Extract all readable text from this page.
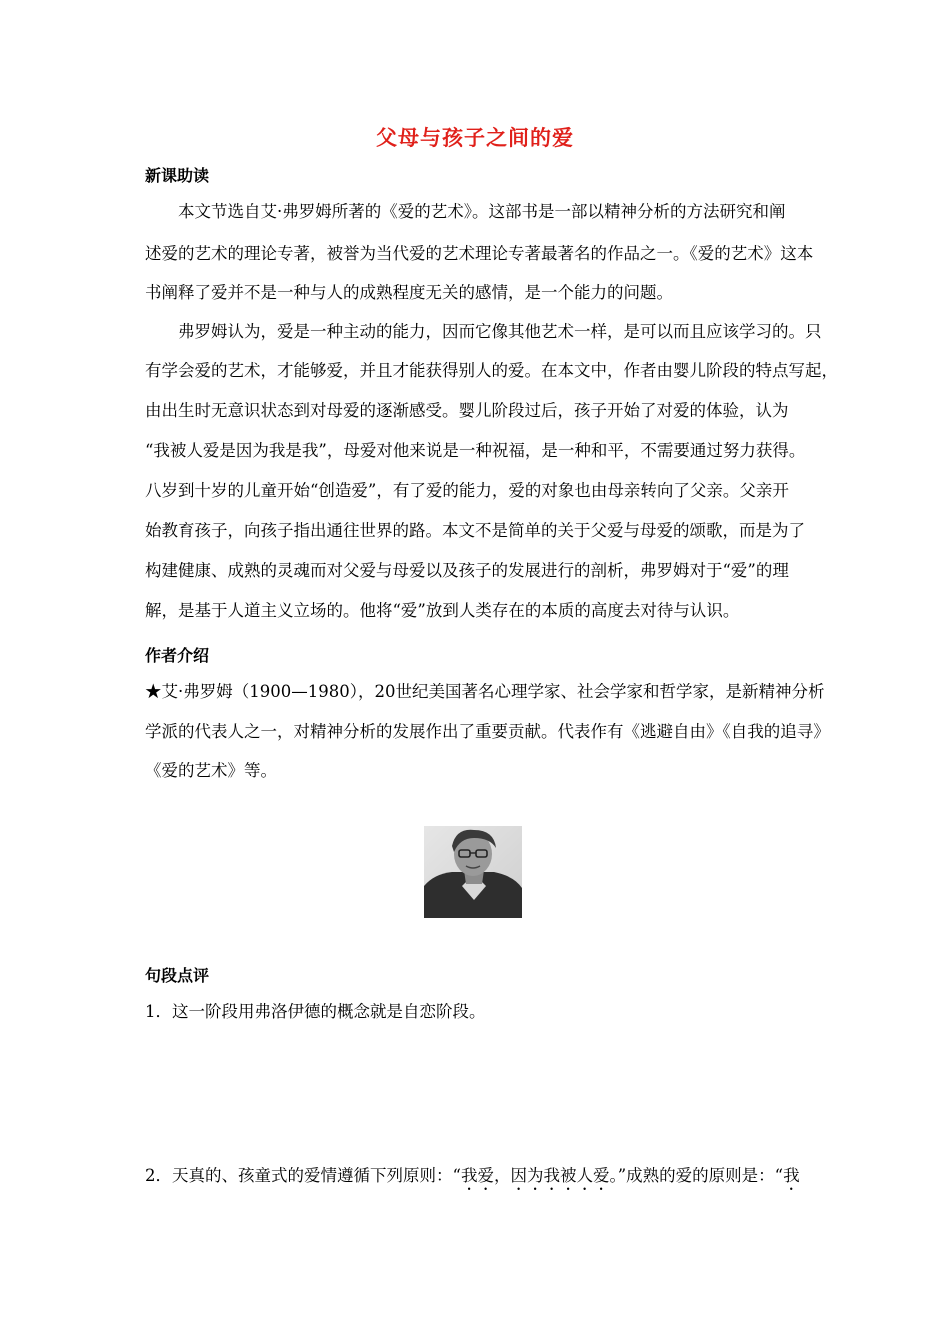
父母与孩子之间的爱
新课助读
本文节选自艾·弗罗姆所著的《爱的艺术》。这部书是一部以精神分析的方法研究和阐
述爱的艺术的理论专著，被誉为当代爱的艺术理论专著最著名的作品之一。《爱的艺术》这本
书阐释了爱并不是一种与人的成熟程度无关的感情，是一个能力的问题。
弗罗姆认为，爱是一种主动的能力，因而它像其他艺术一样，是可以而且应该学习的。只
有学会爱的艺术，才能够爱，并且才能获得别人的爱。在本文中，作者由婴儿阶段的特点写起，
由出生时无意识状态到对母爱的逐渐感受。婴儿阶段过后，孩子开始了对爱的体验，认为
“我被人爱是因为我是我”，母爱对他来说是一种祝福，是一种和平，不需要通过努力获得。
八岁到十岁的儿童开始“创造爱”，有了爱的能力，爱的对象也由母亲转向了父亲。父亲开
始教育孩子，向孩子指出通往世界的路。本文不是简单的关于父爱与母爱的颂歌，而是为了
构建健康、成熟的灵魂而对父爱与母爱以及孩子的发展进行的剖析，弗罗姆对于“爱”的理
解，是基于人道主义立场的。他将“爱”放到人类存在的本质的高度去对待与认识。
作者介绍
★艾·弗罗姆（1900—1980），20世纪美国著名心理学家、社会学家和哲学家，是新精神分析
学派的代表人之一，对精神分析的发展作出了重要贡献。代表作有《逃避自由》《自我的追寻》
《爱的艺术》等。
句段点评
1．这一阶段用弗洛伊德的概念就是自恋阶段。
2．天真的、孩童式的爱情遵循下列原则：“我爱，因为我被人爱。”成熟的爱的原则是：“我
